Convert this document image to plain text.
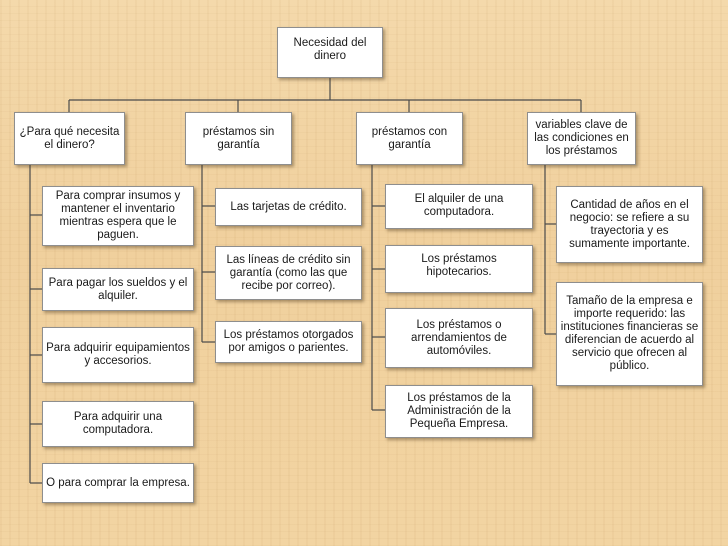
Necesidad del dinero
¿Para qué necesita el dinero?
préstamos sin garantía
préstamos con garantía
variables clave de las condiciones en los préstamos
Para comprar insumos y mantener el inventario mientras espera que le paguen.
Para pagar los sueldos y el alquiler.
Para adquirir equipamientos y accesorios.
Para adquirir una computadora.
O para comprar la empresa.
Las tarjetas de crédito.
Las líneas de crédito sin garantía (como las que recibe por correo).
Los préstamos otorgados por amigos o parientes.
El alquiler de una computadora.
Los préstamos hipotecarios.
Los préstamos o arrendamientos de automóviles.
Los préstamos de la Administración de la Pequeña Empresa.
Cantidad de años en el negocio: se refiere a su trayectoria y es sumamente importante.
Tamaño de la empresa e importe requerido: las instituciones financieras se diferencian de acuerdo al servicio que ofrecen al público.
